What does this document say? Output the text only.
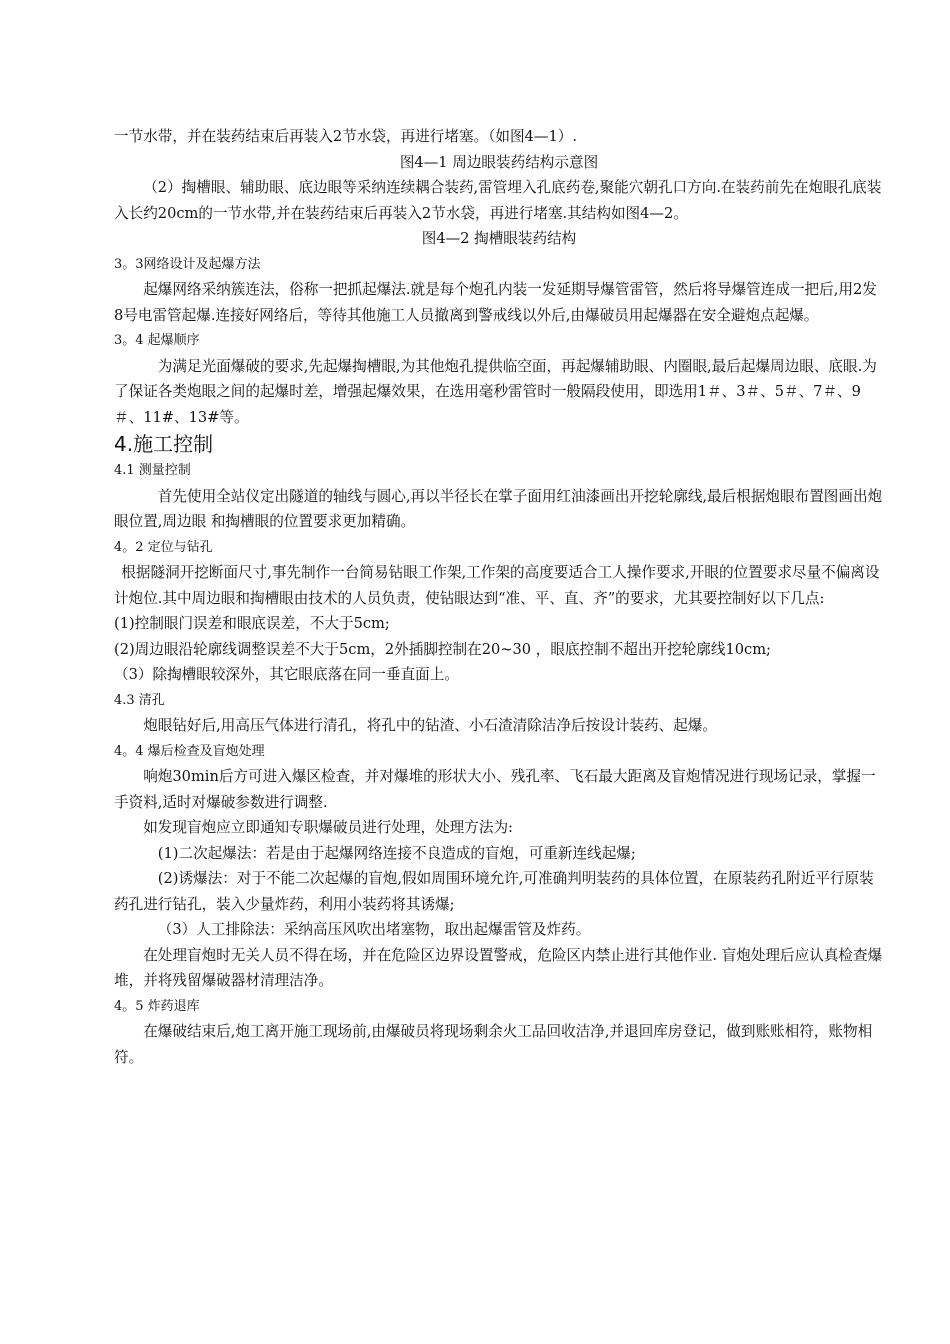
一节水带，并在装药结束后再装入2节水袋，再进行堵塞。（如图4—1）.

图4—1 周边眼装药结构示意图

（2）掏槽眼、辅助眼、底边眼等采纳连续耦合装药,雷管埋入孔底药卷,聚能穴朝孔口方向.在装药前先在炮眼孔底装入长约20cm的一节水带,并在装药结束后再装入2节水袋，再进行堵塞.其结构如图4—2。

图4—2 掏槽眼装药结构

3。3网络设计及起爆方法

起爆网络采纳簇连法，俗称一把抓起爆法.就是每个炮孔内装一发延期导爆管雷管，然后将导爆管连成一把后,用2发8号电雷管起爆.连接好网络后，等待其他施工人员撤离到警戒线以外后,由爆破员用起爆器在安全避炮点起爆。

3。4 起爆顺序

为满足光面爆破的要求,先起爆掏槽眼,为其他炮孔提供临空面，再起爆辅助眼、内圈眼,最后起爆周边眼、底眼.为了保证各类炮眼之间的起爆时差，增强起爆效果，在选用毫秒雷管时一般隔段使用，即选用1＃、3＃、5＃、7＃、9＃、11#、13#等。

4.施工控制

4.1 测量控制

首先使用全站仪定出隧道的轴线与圆心,再以半径长在掌子面用红油漆画出开挖轮廓线,最后根据炮眼布置图画出炮眼位置,周边眼 和掏槽眼的位置要求更加精确。

4。2 定位与钻孔

根据隧洞开挖断面尺寸,事先制作一台简易钻眼工作架,工作架的高度要适合工人操作要求,开眼的位置要求尽量不偏离设计炮位.其中周边眼和掏槽眼由技术的人员负责，使钻眼达到“准、平、直、齐”的要求，尤其要控制好以下几点:

(1)控制眼门误差和眼底误差，不大于5cm;

(2)周边眼沿轮廓线调整误差不大于5cm，2外插脚控制在20~30 ，眼底控制不超出开挖轮廓线10cm;

（3）除掏槽眼较深外，其它眼底落在同一垂直面上。

4.3 清孔

炮眼钻好后,用高压气体进行清孔，将孔中的钻渣、小石渣清除洁净后按设计装药、起爆。

4。4 爆后检查及盲炮处理

响炮30min后方可进入爆区检查，并对爆堆的形状大小、残孔率、飞石最大距离及盲炮情况进行现场记录，掌握一手资料,适时对爆破参数进行调整.

如发现盲炮应立即通知专职爆破员进行处理，处理方法为:

(1)二次起爆法：若是由于起爆网络连接不良造成的盲炮，可重新连线起爆;

(2)诱爆法：对于不能二次起爆的盲炮,假如周围环境允许,可准确判明装药的具体位置，在原装药孔附近平行原装药孔进行钻孔，装入少量炸药，利用小装药将其诱爆;

（3）人工排除法：采纳高压风吹出堵塞物，取出起爆雷管及炸药。

在处理盲炮时无关人员不得在场，并在危险区边界设置警戒，危险区内禁止进行其他作业. 盲炮处理后应认真检查爆堆，并将残留爆破器材清理洁净。

4。5 炸药退库

在爆破结束后,炮工离开施工现场前,由爆破员将现场剩余火工品回收洁净,并退回库房登记，做到账账相符，账物相符。
